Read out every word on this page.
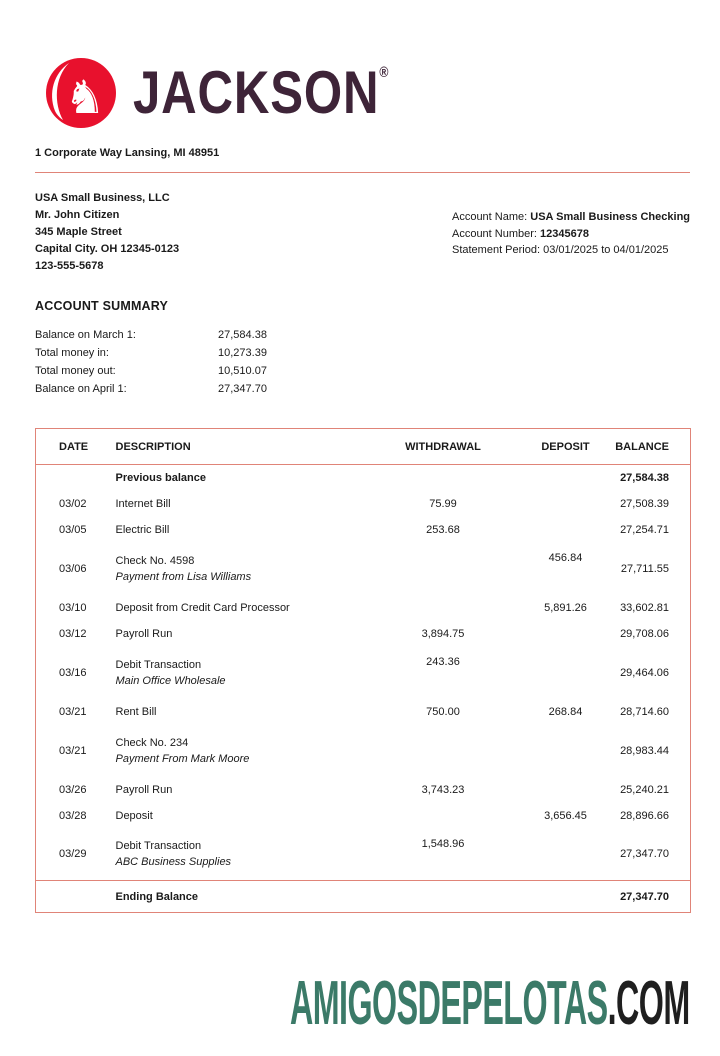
♞ JACKSON®
1 Corporate Way Lansing, MI 48951
USA Small Business, LLC
Mr. John Citizen
345 Maple Street
Capital City. OH 12345-0123
123-555-5678
Account Name: USA Small Business Checking
Account Number: 12345678
Statement Period: 03/01/2025 to 04/01/2025
ACCOUNT SUMMARY
Balance on March 1:	27,584.38
Total money in:	10,273.39
Total money out:	10,510.07
Balance on April 1:	27,347.70
DATE	DESCRIPTION	WITHDRAWAL	DEPOSIT	BALANCE

	Previous balance			27,584.38
03/02	Internet Bill	75.99		27,508.39
03/05	Electric Bill	253.68		27,254.71
03/06	Check No. 4598
Payment from Lisa Williams		456.84	27,711.55
03/10	Deposit from Credit Card Processor		5,891.26	33,602.81
03/12	Payroll Run	3,894.75		29,708.06
03/16	Debit Transaction
Main Office Wholesale	243.36		29,464.06
03/21	Rent Bill	750.00	268.84	28,714.60
03/21	Check No. 234
Payment From Mark Moore			28,983.44
03/26	Payroll Run	3,743.23		25,240.21
03/28	Deposit		3,656.45	28,896.66
03/29	Debit Transaction
ABC Business Supplies	1,548.96		27,347.70
	Ending Balance			27,347.70
AMIGOSDEPELOTAS.COM
